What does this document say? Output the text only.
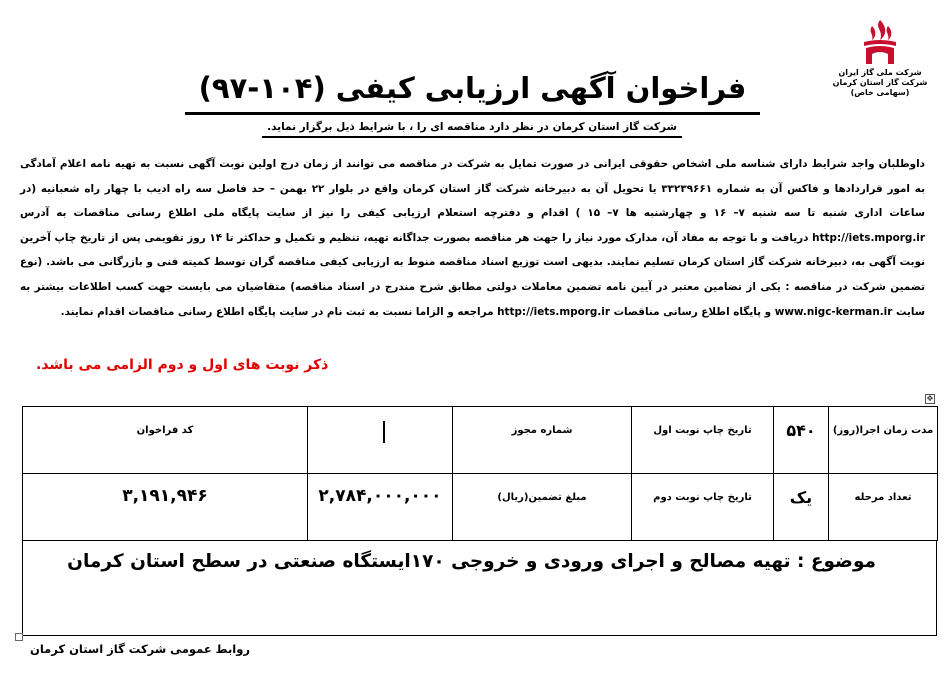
شرکت ملی گاز ایران
شرکت گاز استان کرمان
(سهامی خاص)
فراخوان آگهی ارزیابی کیفی (۱۰۴-۹۷)
شرکت گاز استان کرمان در نظر دارد مناقصه ای را ، با شرایط ذیل برگزار نماید.
داوطلبان واجد شرایط دارای شناسه ملی اشخاص حقوقی ایرانی در صورت تمایل به شرکت در مناقصه می توانند از زمان درج اولین نوبت آگهی نسبت به تهیه نامه اعلام آمادگی به امور قراردادها و فاکس آن به شماره ۳۳۲۳۹۶۶۱ یا تحویل آن به دبیرخانه شرکت گاز استان کرمان واقع در بلوار ۲۲ بهمن – حد فاصل سه راه ادیب با چهار راه شعبانیه (در ساعات اداری شنبه تا سه شنبه ۷– ۱۶ و چهارشنبه ها ۷– ۱۵ ) اقدام و دفترچه استعلام ارزیابی کیفی را نیز از سایت پایگاه ملی اطلاع رسانی مناقصات به آدرس http://iets.mporg.ir دریافت و با توجه به مفاد آن، مدارک مورد نیاز را جهت هر مناقصه بصورت جداگانه تهیه، تنظیم و تکمیل و حداکثر تا ۱۴ روز تقویمی پس از تاریخ چاپ آخرین نوبت آگهی به، دبیرخانه شرکت گاز استان کرمان تسلیم نمایند. بدیهی است توزیع اسناد مناقصه منوط به ارزیابی کیفی مناقصه گران توسط کمیته فنی و بازرگانی می باشد. (نوع تضمین شرکت در مناقصه : یکی از تضامین معتبر در آیین نامه تضمین معاملات دولتی مطابق شرح مندرج در اسناد مناقصه) متقاضیان می بایست جهت کسب اطلاعات بیشتر به سایت www.nigc-kerman.ir و پایگاه اطلاع رسانی مناقصات http://iets.mporg.ir مراجعه و الزاما نسبت به ثبت نام در سایت پایگاه اطلاع رسانی مناقصات اقدام نمایند.
ذکر نوبت های اول و دوم الزامی می باشد.
✥
مدت زمان اجرا(روز)	۵۴۰	تاریخ چاپ نوبت اول	شماره مجوز		کد فراخوان
تعداد مرحله	یک	تاریخ چاپ نوبت دوم	مبلغ تضمین(ریال)	۲,۷۸۴,۰۰۰,۰۰۰	۳,۱۹۱,۹۴۶
موضوع : تهیه مصالح و اجرای ورودی و خروجی ۱۷۰ایستگاه صنعتی در سطح استان کرمان
روابط عمومی شرکت گاز استان کرمان
